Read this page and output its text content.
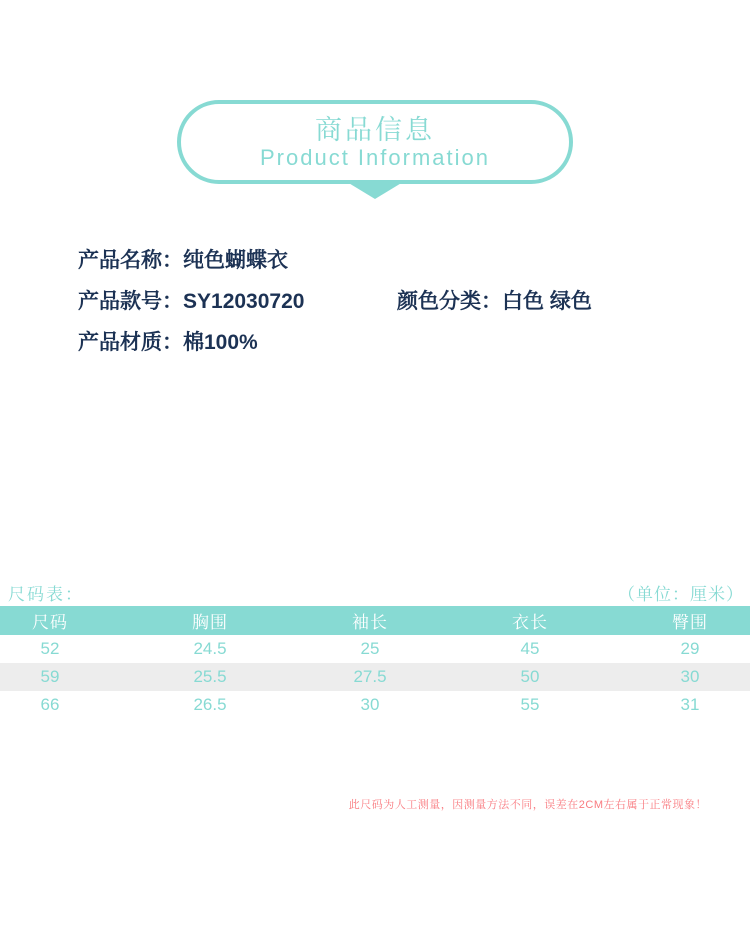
商品信息
Product Information
产品名称：纯色蝴蝶衣
产品款号：SY12030720	颜色分类：白色 绿色
产品材质：棉100%
尺码表：	（单位：厘米）
尺码	胸围	袖长	衣长	臀围
52	24.5	25	45	29
59	25.5	27.5	50	30
66	26.5	30	55	31
此尺码为人工测量，因测量方法不同，误差在2CM左右属于正常现象！
